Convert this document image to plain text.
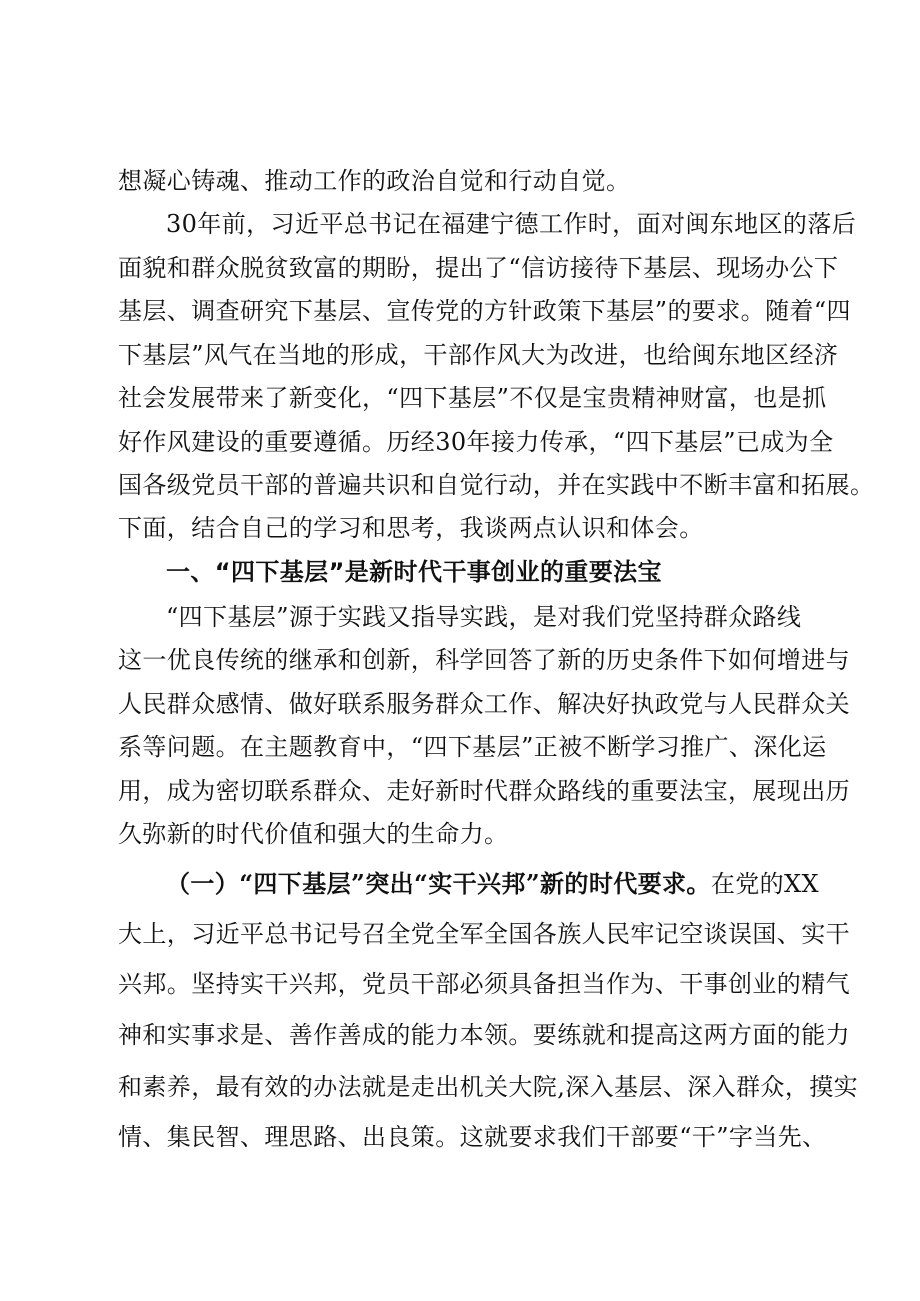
想凝心铸魂、推动工作的政治自觉和行动自觉。
30年前，习近平总书记在福建宁德工作时，面对闽东地区的落后
面貌和群众脱贫致富的期盼，提出了“信访接待下基层、现场办公下
基层、调查研究下基层、宣传党的方针政策下基层”的要求。随着“四
下基层”风气在当地的形成，干部作风大为改进，也给闽东地区经济
社会发展带来了新变化，“四下基层”不仅是宝贵精神财富，也是抓
好作风建设的重要遵循。历经30年接力传承，“四下基层”已成为全
国各级党员干部的普遍共识和自觉行动，并在实践中不断丰富和拓展。
下面，结合自己的学习和思考，我谈两点认识和体会。
一、“四下基层”是新时代干事创业的重要法宝
“四下基层”源于实践又指导实践，是对我们党坚持群众路线
这一优良传统的继承和创新，科学回答了新的历史条件下如何增进与
人民群众感情、做好联系服务群众工作、解决好执政党与人民群众关
系等问题。在主题教育中，“四下基层”正被不断学习推广、深化运
用，成为密切联系群众、走好新时代群众路线的重要法宝，展现出历
久弥新的时代价值和强大的生命力。
（一）“四下基层”突出“实干兴邦”新的时代要求。在党的XX
大上，习近平总书记号召全党全军全国各族人民牢记空谈误国、实干
兴邦。坚持实干兴邦，党员干部必须具备担当作为、干事创业的精气
神和实事求是、善作善成的能力本领。要练就和提高这两方面的能力
和素养，最有效的办法就是走出机关大院,深入基层、深入群众，摸实
情、集民智、理思路、出良策。这就要求我们干部要“干”字当先、
